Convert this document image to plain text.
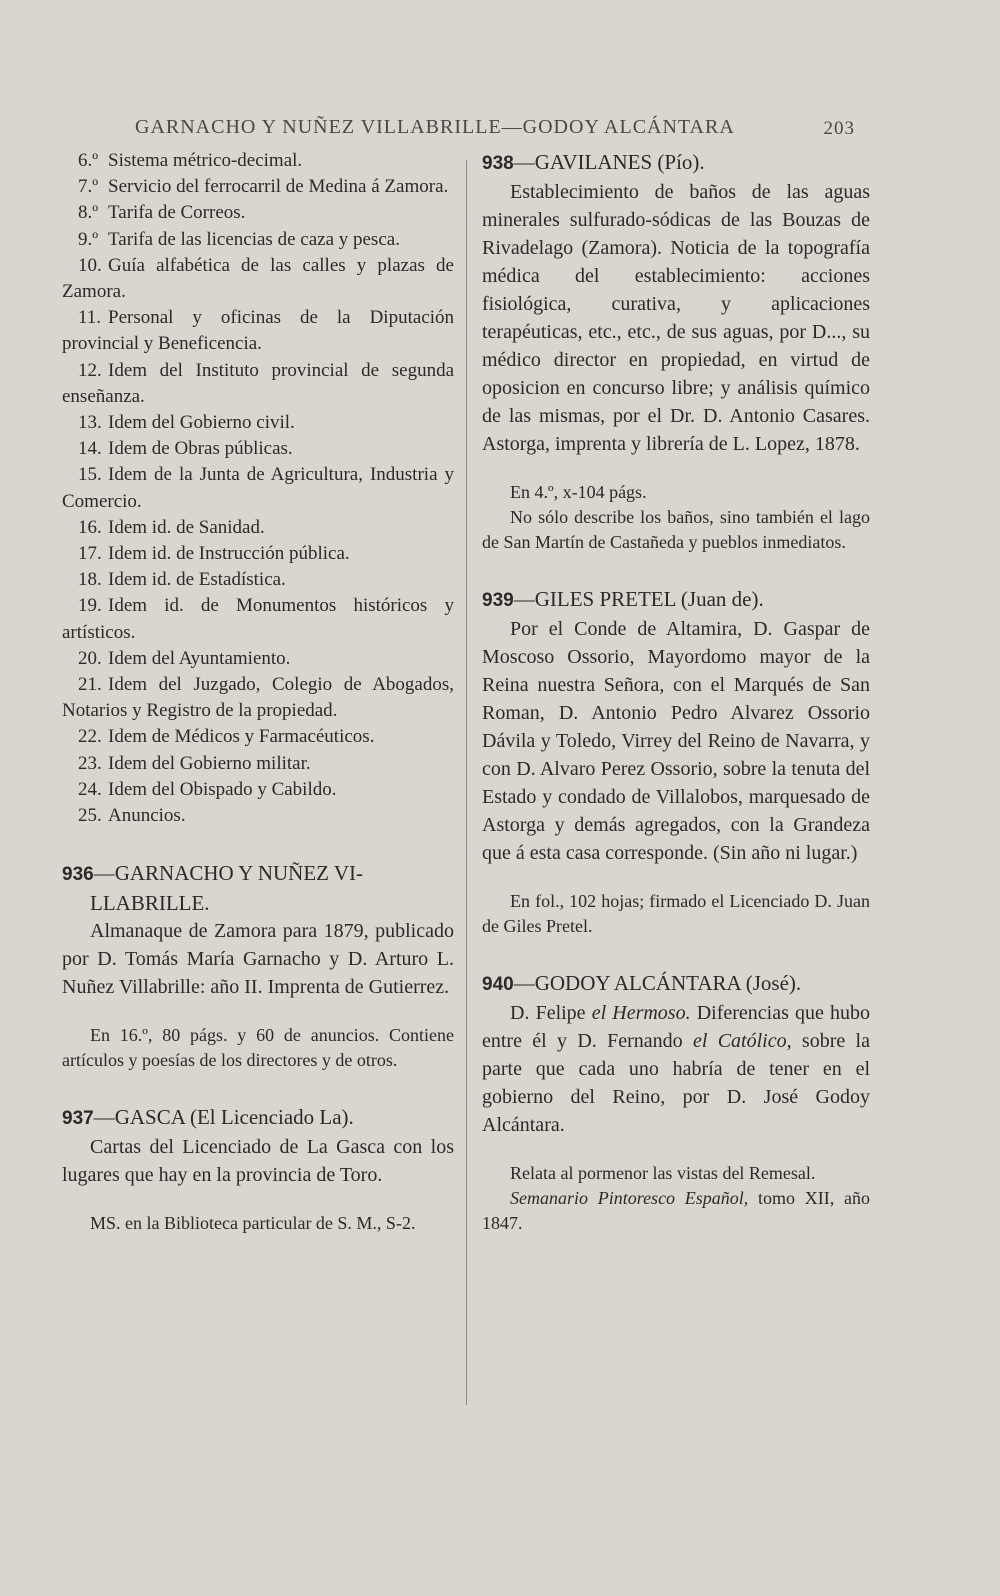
GARNACHO Y NUÑEZ VILLABRILLE—GODOY ALCÁNTARA	203

6.º Sistema métrico-decimal.

7.º Servicio del ferrocarril de Medina á Zamora.

8.º Tarifa de Correos.

9.º Tarifa de las licencias de caza y pesca.

10. Guía alfabética de las calles y plazas de Zamora.

11. Personal y oficinas de la Diputación provincial y Beneficencia.

12. Idem del Instituto provincial de segunda enseñanza.

13. Idem del Gobierno civil.

14. Idem de Obras públicas.

15. Idem de la Junta de Agricultura, Industria y Comercio.

16. Idem id. de Sanidad.

17. Idem id. de Instrucción pública.

18. Idem id. de Estadística.

19. Idem id. de Monumentos históricos y artísticos.

20. Idem del Ayuntamiento.

21. Idem del Juzgado, Colegio de Abogados, Notarios y Registro de la propiedad.

22. Idem de Médicos y Farmacéuticos.

23. Idem del Gobierno militar.

24. Idem del Obispado y Cabildo.

25. Anuncios.

936—GARNACHO Y NUÑEZ VI-
LLABRILLE.

Almanaque de Zamora para 1879, publicado por D. Tomás María Garnacho y D. Arturo L. Nuñez Villabrille: año II. Imprenta de Gutierrez.

En 16.º, 80 págs. y 60 de anuncios. Contiene artículos y poesías de los directores y de otros.

937—GASCA (El Licenciado La).

Cartas del Licenciado de La Gasca con los lugares que hay en la provincia de Toro.

MS. en la Biblioteca particular de S. M., S-2.

938—GAVILANES (Pío).

Establecimiento de baños de las aguas minerales sulfurado-sódicas de las Bouzas de Rivadelago (Zamora). Noticia de la topografía médica del establecimiento: acciones fisiológica, curativa, y aplicaciones terapéuticas, etc., etc., de sus aguas, por D..., su médico director en propiedad, en virtud de oposicion en concurso libre; y análisis químico de las mismas, por el Dr. D. Antonio Casares. Astorga, imprenta y librería de L. Lopez, 1878.

En 4.º, x-104 págs.

No sólo describe los baños, sino también el lago de San Martín de Castañeda y pueblos inmediatos.

939—GILES PRETEL (Juan de).

Por el Conde de Altamira, D. Gaspar de Moscoso Ossorio, Mayordomo mayor de la Reina nuestra Señora, con el Marqués de San Roman, D. Antonio Pedro Alvarez Ossorio Dávila y Toledo, Virrey del Reino de Navarra, y con D. Alvaro Perez Ossorio, sobre la tenuta del Estado y condado de Villalobos, marquesado de Astorga y demás agregados, con la Grandeza que á esta casa corresponde. (Sin año ni lugar.)

En fol., 102 hojas; firmado el Licenciado D. Juan de Giles Pretel.

940—GODOY ALCÁNTARA (José).

D. Felipe el Hermoso. Diferencias que hubo entre él y D. Fernando el Católico, sobre la parte que cada uno habría de tener en el gobierno del Reino, por D. José Godoy Alcántara.

Relata al pormenor las vistas del Remesal.

Semanario Pintoresco Español, tomo XII, año 1847.
